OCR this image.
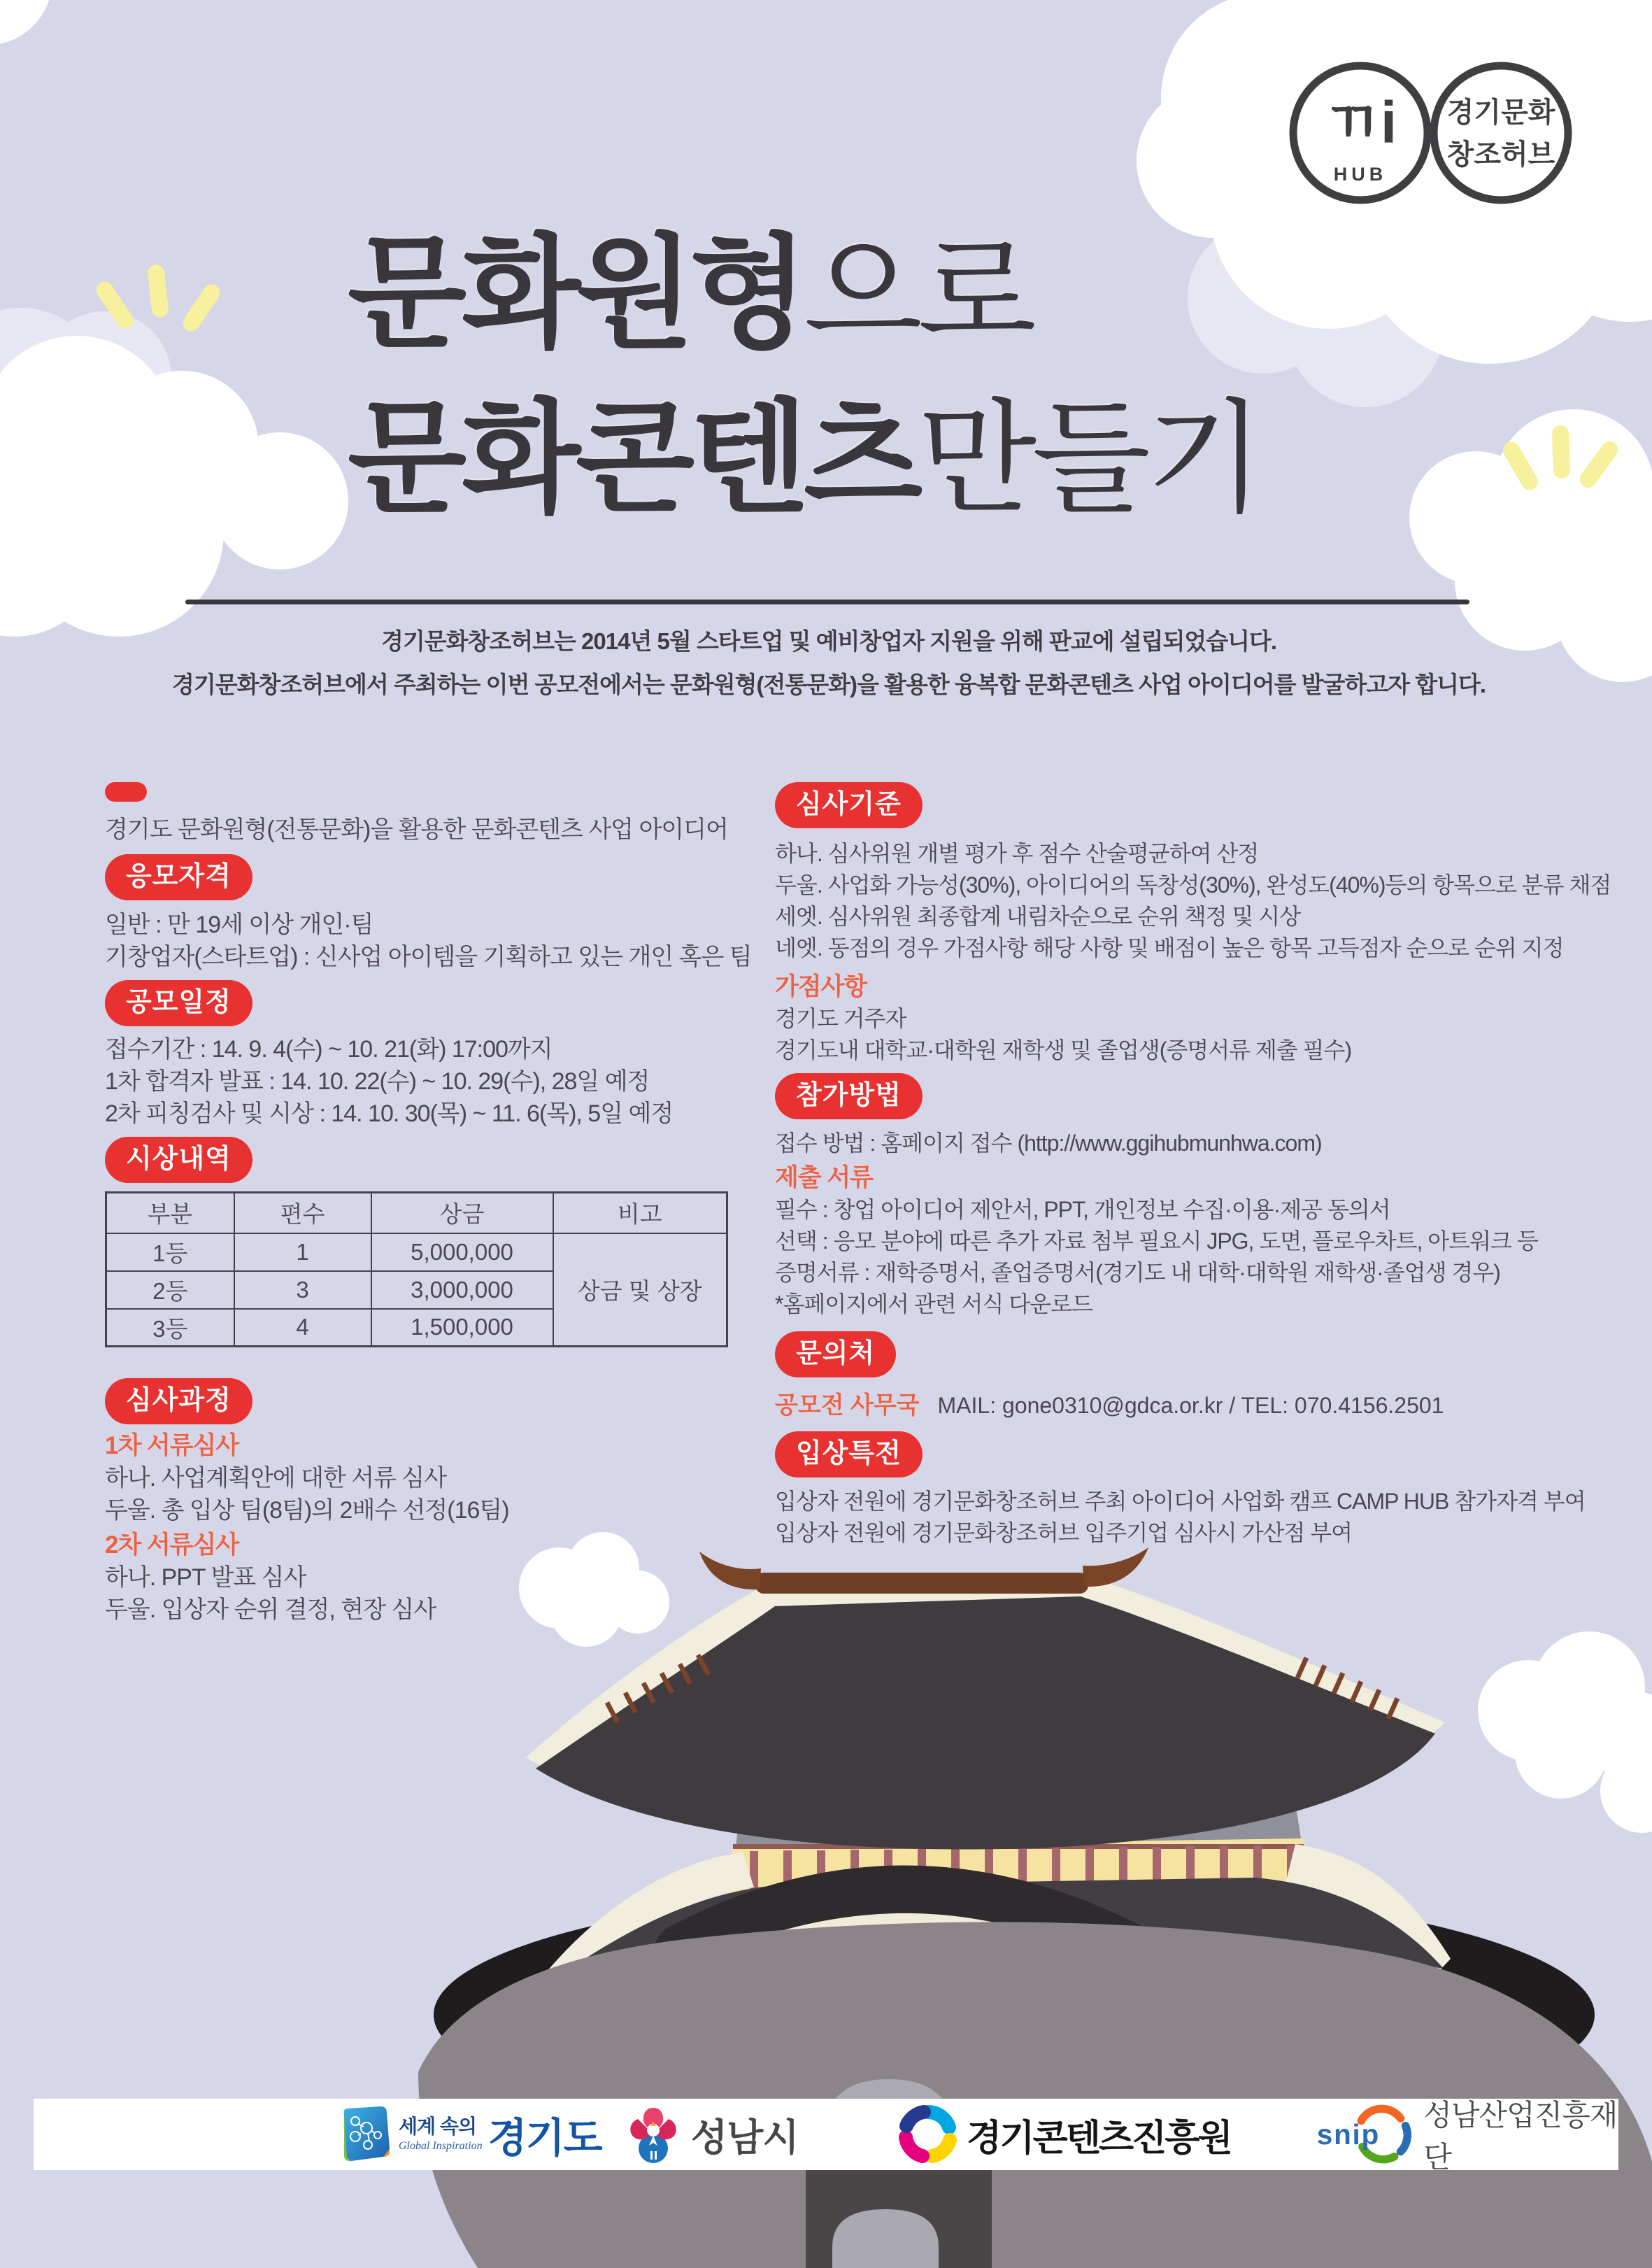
ㄲi
HUB
경기문화
창조허브
문화원형으로
문화콘텐츠만들기
경기문화창조허브는 2014년 5월 스타트업 및 예비창업자 지원을 위해 판교에 설립되었습니다.
경기문화창조허브에서 주최하는 이번 공모전에서는 문화원형(전통문화)을 활용한 융복합 문화콘텐츠 사업 아이디어를 발굴하고자 합니다.
경기도 문화원형(전통문화)을 활용한 문화콘텐츠 사업 아이디어
응모자격
일반 : 만 19세 이상 개인·팀
기창업자(스타트업) : 신사업 아이템을 기획하고 있는 개인 혹은 팀
공모일정
접수기간 : 14. 9. 4(수) ~ 10. 21(화) 17:00까지
1차 합격자 발표 : 14. 10. 22(수) ~ 10. 29(수), 28일 예정
2차 피칭검사 및 시상 : 14. 10. 30(목) ~ 11. 6(목), 5일 예정
시상내역
부분	편수	상금	비고
1등	1	5,000,000	상금 및 상장
2등	3	3,000,000	
3등	4	1,500,000	
심사과정
1차 서류심사
하나. 사업계획안에 대한 서류 심사
두울. 총 입상 팀(8팀)의 2배수 선정(16팀)
2차 서류심사
하나. PPT 발표 심사
두울. 입상자 순위 결정, 현장 심사
심사기준
하나. 심사위원 개별 평가 후 점수 산술평균하여 산정
두울. 사업화 가능성(30%), 아이디어의 독창성(30%), 완성도(40%)등의 항목으로 분류 채점
세엣. 심사위원 최종합계 내림차순으로 순위 책정 및 시상
네엣. 동점의 경우 가점사항 해당 사항 및 배점이 높은 항목 고득점자 순으로 순위 지정
가점사항
경기도 거주자
경기도내 대학교·대학원 재학생 및 졸업생(증명서류 제출 필수)
참가방법
접수 방법 : 홈페이지 접수 (http://www.ggihubmunhwa.com)
제출 서류
필수 : 창업 아이디어 제안서, PPT, 개인정보 수집·이용·제공 동의서
선택 : 응모 분야에 따른 추가 자료 첨부 필요시 JPG, 도면, 플로우차트, 아트워크 등
증명서류 : 재학증명서, 졸업증명서(경기도 내 대학·대학원 재학생·졸업생 경우)
*홈페이지에서 관련 서식 다운로드
문의처
공모전 사무국 MAIL: gone0310@gdca.or.kr / TEL: 070.4156.2501
입상특전
입상자 전원에 경기문화창조허브 주최 아이디어 사업화 캠프 CAMP HUB 참가자격 부여
입상자 전원에 경기문화창조허브 입주기업 심사시 가산점 부여
세계 속의
Global Inspiration 경기도 성남시	경기콘텐츠진흥원	snip
성남산업진흥재단
